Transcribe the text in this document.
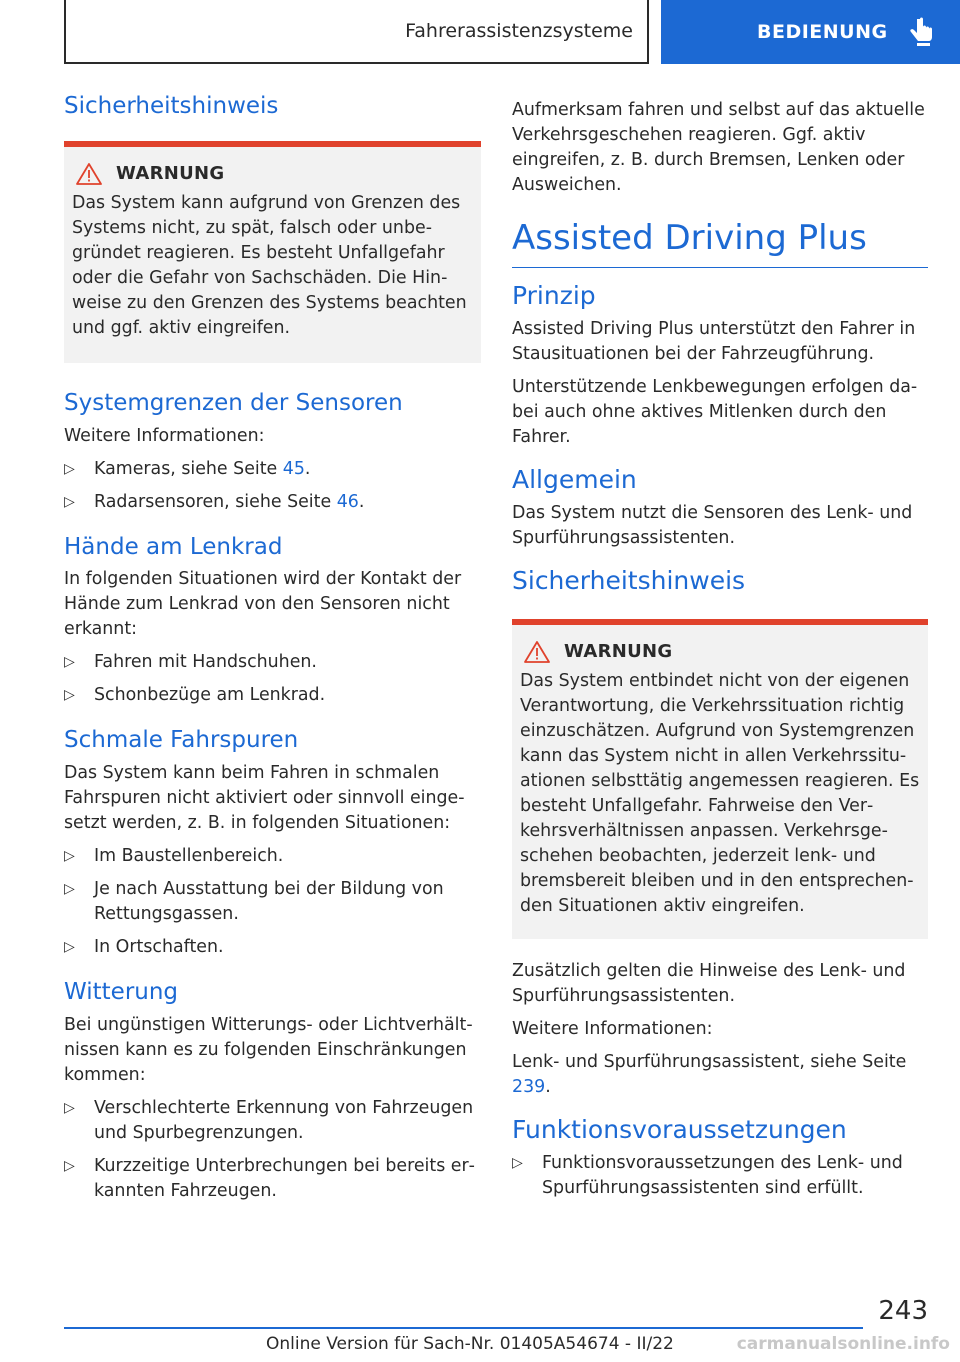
Fahrerassistenzsysteme	BEDIENUNG
Sicherheitshinweis
WARNUNG

Das System kann aufgrund von Grenzen des Systems nicht, zu spät, falsch oder unbegründet reagieren. Es besteht Unfallgefahr oder die Gefahr von Sachschäden. Die Hinweise zu den Grenzen des Systems beachten und ggf. aktiv eingreifen.

Systemgrenzen der Sensoren

Weitere Informationen:

▷ Kameras, siehe Seite 45.
▷ Radarsensoren, siehe Seite 46.
Hände am Lenkrad

In folgenden Situationen wird der Kontakt der Hände zum Lenkrad von den Sensoren nicht erkannt:

▷ Fahren mit Handschuhen.
▷ Schonbezüge am Lenkrad.
Schmale Fahrspuren

Das System kann beim Fahren in schmalen Fahrspuren nicht aktiviert oder sinnvoll eingesetzt werden, z. B. in folgenden Situationen:

▷ Im Baustellenbereich.
▷ Je nach Ausstattung bei der Bildung von Rettungsgassen.
▷ In Ortschaften.
Witterung

Bei ungünstigen Witterungs- oder Lichtverhältnissen kann es zu folgenden Einschränkungen kommen:

▷ Verschlechterte Erkennung von Fahrzeugen und Spurbegrenzungen.
▷ Kurzzeitige Unterbrechungen bei bereits erkannten Fahrzeugen.

Aufmerksam fahren und selbst auf das aktuelle Verkehrsgeschehen reagieren. Ggf. aktiv eingreifen, z. B. durch Bremsen, Lenken oder Ausweichen.

Assisted Driving Plus
Prinzip

Assisted Driving Plus unterstützt den Fahrer in Stausituationen bei der Fahrzeugführung.

Unterstützende Lenkbewegungen erfolgen dabei auch ohne aktives Mitlenken durch den Fahrer.

Allgemein

Das System nutzt die Sensoren des Lenk- und Spurführungsassistenten.

Sicherheitshinweis
WARNUNG

Das System entbindet nicht von der eigenen Verantwortung, die Verkehrssituation richtig einzuschätzen. Aufgrund von Systemgrenzen kann das System nicht in allen Verkehrssituationen selbsttätig angemessen reagieren. Es besteht Unfallgefahr. Fahrweise den Verkehrsverhältnissen anpassen. Verkehrsgeschehen beobachten, jederzeit lenk- und bremsbereit bleiben und in den entsprechenden Situationen aktiv eingreifen.

Zusätzlich gelten die Hinweise des Lenk- und Spurführungsassistenten.

Weitere Informationen:

Lenk- und Spurführungsassistent, siehe Seite 239.

Funktionsvoraussetzungen
▷ Funktionsvoraussetzungen des Lenk- und Spurführungsassistenten sind erfüllt.
243
Online Version für Sach-Nr. 01405A54674 - II/22	carmanualsonline.info
